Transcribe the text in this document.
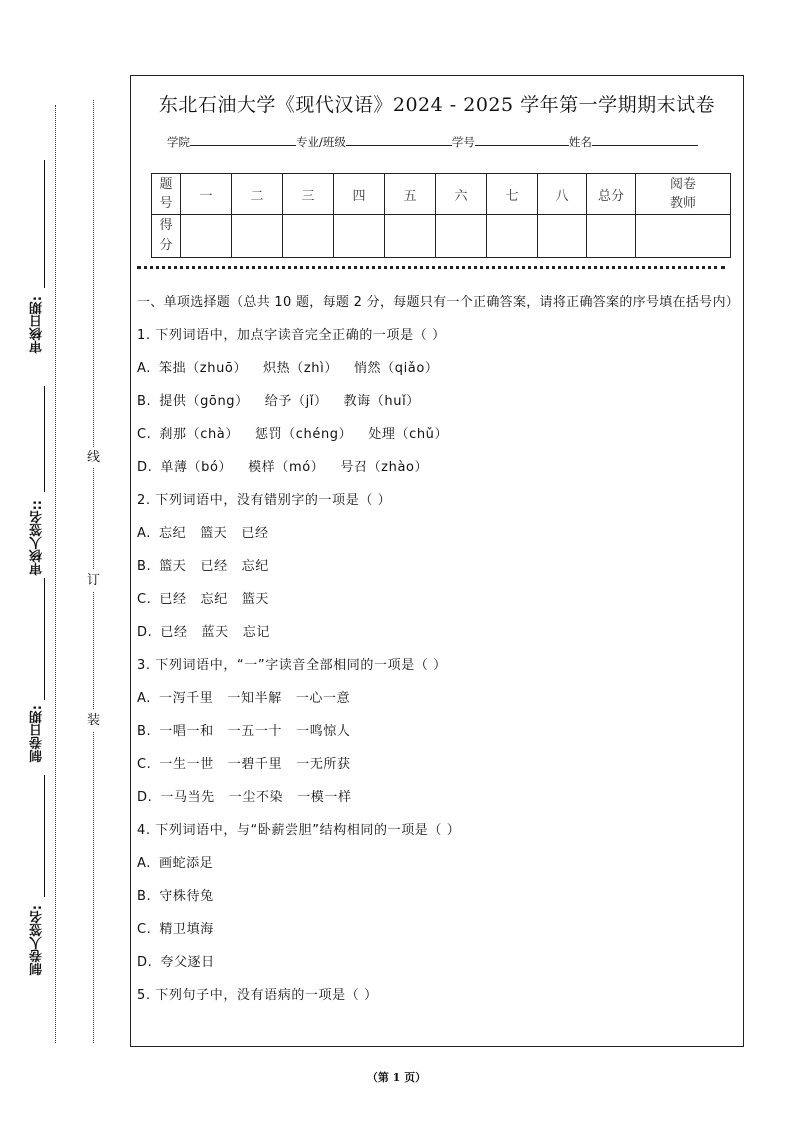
审核日期:
审核人签名::
制卷日期:
制卷人签名:
线
订
装
东北石油大学《现代汉语》2024 - 2025 学年第一学期期末试卷
学院	专业/班级	学号	姓名
题
号	一	二	三	四	五	六	七	八	总分	阅卷
教师
得
分										
一、单项选择题（总共 10 题，每题 2 分，每题只有一个正确答案，请将正确答案的序号填在括号内）
1. 下列词语中，加点字读音完全正确的一项是（ ）
A. 笨拙（zhuō） 炽热（zhì） 悄然（qiǎo）
B. 提供（gōng） 给予（jǐ） 教诲（huǐ）
C. 刹那（chà） 惩罚（chéng） 处理（chǔ）
D. 单薄（bó） 模样（mó） 号召（zhào）
2. 下列词语中，没有错别字的一项是（ ）
A. 忘纪 篮天 已经
B. 篮天 已经 忘纪
C. 已经 忘纪 篮天
D. 已经 蓝天 忘记
3. 下列词语中，“一”字读音全部相同的一项是（ ）
A. 一泻千里 一知半解 一心一意
B. 一唱一和 一五一十 一鸣惊人
C. 一生一世 一碧千里 一无所获
D. 一马当先 一尘不染 一模一样
4. 下列词语中，与“卧薪尝胆”结构相同的一项是（ ）
A. 画蛇添足
B. 守株待兔
C. 精卫填海
D. 夸父逐日
5. 下列句子中，没有语病的一项是（ ）
（第 1 页）
